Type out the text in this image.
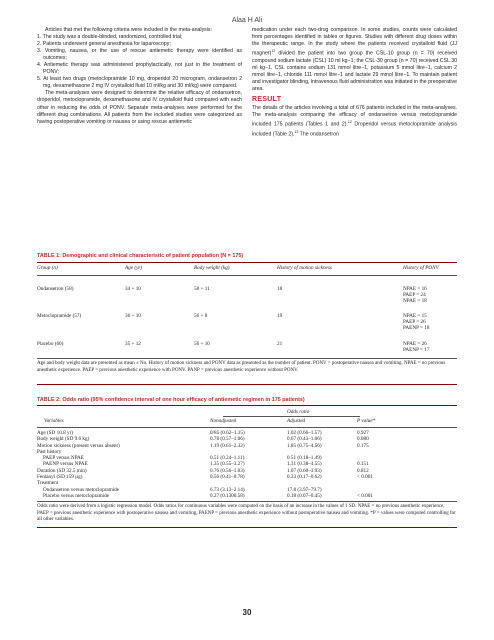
Alaa H Ali

Articles that met the following criteria were included in the meta-analysis:

1. The study was a double-blinded, randomized, controlled trial;

2. Patients underwent general anesthesia for laparoscopy;

3. Vomiting, nausea, or the use of rescue antiemetic therapy were identified as outcomes;

4. Antiemetic therapy was administered prophylactically, not just in the treatment of PONV;

5. At least two drugs (metoclopramide 10 mg, droperidol 20 microgram, ondansetron 2 mg, dexamethasone 2 mg IV crystalloid fluid 10 ml/kg and 30 ml/kg) were compared.

The meta-analyses were designed to determine the relative efficacy of ondansetron, droperidol, metoclopramide, dexamethasone and IV crystalloid fluid compared with each other in reducing the odds of PONV. Separate meta-analyses were performed for the different drug combinations. All patients from the included studies were categorized as having postoperative vomiting or nausea or using rescue antiemetic

medication under each two-drug comparison. In some studies, counts were calculated from percentages identified in tables or figures. Studies with different drug doses within the therapeutic range. In the study where the patients received crystalloid fluid (JJ magner)$^{12}$ divided the patient into two group the CSL-10 group (n = 70) received compound sodium lactate (CSL) 10 ml kg−1; the CSL-30 group (n = 70) received CSL 30 ml kg−1. CSL contains sodium 131 mmol litre−1, potassium 5 mmol litre−1, calcium 2 mmol litre−1, chloride 111 mmol litre−1 and lactate 29 mmol litre−1. To maintain patient and investigator blinding, intravenous fluid administration was initiated in the preoperative area.

RESULT

The details of the articles involving a total of 676 patients included in the meta-analyses. The meta-analysis comparing the efficacy of ondansetron versus metoclopramide included 175 patients (Tables 1 and 2).$^{12}$ Droperidol versus metoclopramide analysis included (Table 2).$^{13}$ The ondansetron

TABLE 1: Demographic and clinical characteristic of patient population (N = 175)
Group (n)	Age (yr)	Body weight (kg)	History of motion sickness	History of PONV
Ondansetron (58)	34 + 10	58 + 11	18	NPAE = 16
PAEP = 24
NPAE = 18
Metoclopramide (57)	36 + 10	56 + 8	19	NPAE = 15
PAEP = 26
PAENP = 18
Placebo (60)	35 + 12	56 + 10	21	NPAE = 26
PAENP = 17
Age and body weight data are presented as mean ± No. History of motion sickness and PONV data as presented as the number of patient. PONV = postoperative nausea and vomiting. NPAE = no previous anesthetic experience. PAEP = previous anesthetic experience with PONV. PANP = previous anesthetic experience without PONV.
TABLE 2: Odds ratio (95% confidence interval of one hour efficacy of antiemetic regimen in 175 patients)
Odds ratio
Variables	Nonadjusted	Adjusted	P value*
Age (SD 10.8 yr)	0/85 (0.62–1.15)	1.02 (0.66–1.57)	0.927
Body weight (SD 9.6 kg)	0.78 (0.57–1.06)	0.67 (0.43–1.06)	0.080
Motion sickness (present versus absent)	1.19 (0.61–2.32)	1.85 (0.75–4.56)	0.175
Past history
PAEP versus NPAE	0.51 (0.24–1.11)	0.51 (0.18–1.49)
PAENP versus NPAE	1.35 (0.55–3.27)	1.31 (0.38–4.55)	0.151
Duration (SD 32.5 min)	0.76 (0.56–1.03)	1.07 (0.60–1.93)	0.812
Fentanyl (SD 159 µg)	0.56 (0.41–0.78)	0.33 (0.17–0.62)	< 0.001
Treatment
Ondansetron versus metoclopramide	6.73 (3.13–2.14)	17.8 (3.97–79.7)
Placebo versus metoclopramide	0.27 (0.1300.58)	0.18 (0.07–0.45)	< 0.001
Odds ratio were derived from a logistic regression model. Odds ratios for continuous variables were computed on the basis of an increase in the values of 1 SD. NPAE = no previous anesthetic experience, PAEP = previous anesthetic experience with postoperative nausea and vomiting, PAENP = previous anesthetic experience without postoperative nausea and vomiting. *P = values were computed controlling for all other variables.
30
